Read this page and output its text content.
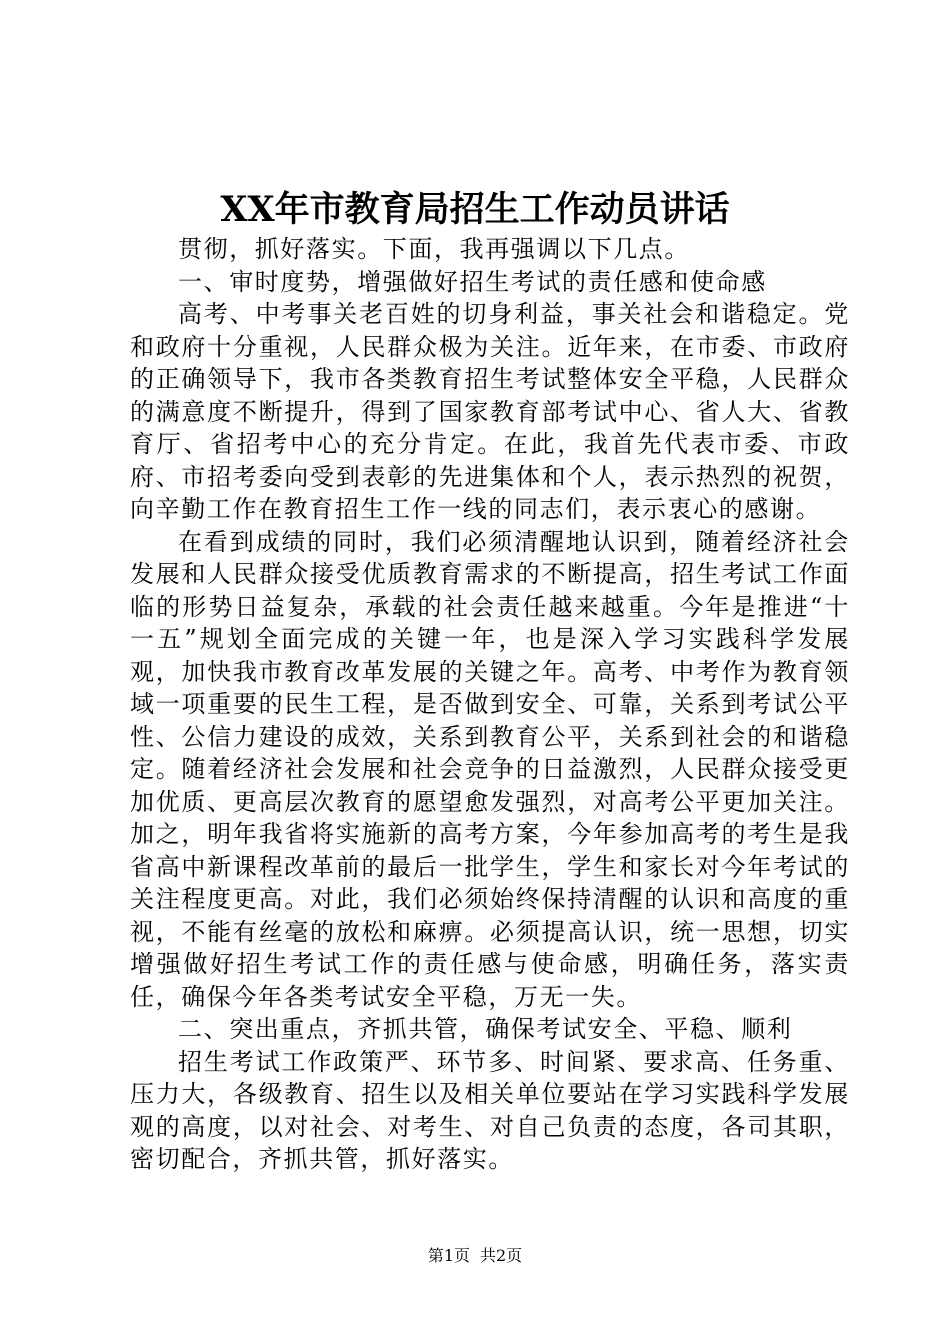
XX年市教育局招生工作动员讲话

贯彻，抓好落实。下面，我再强调以下几点。

一、审时度势，增强做好招生考试的责任感和使命感

高考、中考事关老百姓的切身利益，事关社会和谐稳定。党和政府十分重视，人民群众极为关注。近年来，在市委、市政府的正确领导下，我市各类教育招生考试整体安全平稳，人民群众的满意度不断提升，得到了国家教育部考试中心、省人大、省教育厅、省招考中心的充分肯定。在此，我首先代表市委、市政府、市招考委向受到表彰的先进集体和个人，表示热烈的祝贺，向辛勤工作在教育招生工作一线的同志们，表示衷心的感谢。

在看到成绩的同时，我们必须清醒地认识到，随着经济社会发展和人民群众接受优质教育需求的不断提高，招生考试工作面临的形势日益复杂，承载的社会责任越来越重。今年是推进“十一五”规划全面完成的关键一年，也是深入学习实践科学发展观，加快我市教育改革发展的关键之年。高考、中考作为教育领域一项重要的民生工程，是否做到安全、可靠，关系到考试公平性、公信力建设的成效，关系到教育公平，关系到社会的和谐稳定。随着经济社会发展和社会竞争的日益激烈，人民群众接受更加优质、更高层次教育的愿望愈发强烈，对高考公平更加关注。加之，明年我省将实施新的高考方案，今年参加高考的考生是我省高中新课程改革前的最后一批学生，学生和家长对今年考试的关注程度更高。对此，我们必须始终保持清醒的认识和高度的重视，不能有丝毫的放松和麻痹。必须提高认识，统一思想，切实增强做好招生考试工作的责任感与使命感，明确任务，落实责任，确保今年各类考试安全平稳，万无一失。

二、突出重点，齐抓共管，确保考试安全、平稳、顺利

招生考试工作政策严、环节多、时间紧、要求高、任务重、压力大，各级教育、招生以及相关单位要站在学习实践科学发展观的高度，以对社会、对考生、对自己负责的态度，各司其职，密切配合，齐抓共管，抓好落实。

第1页 共2页
